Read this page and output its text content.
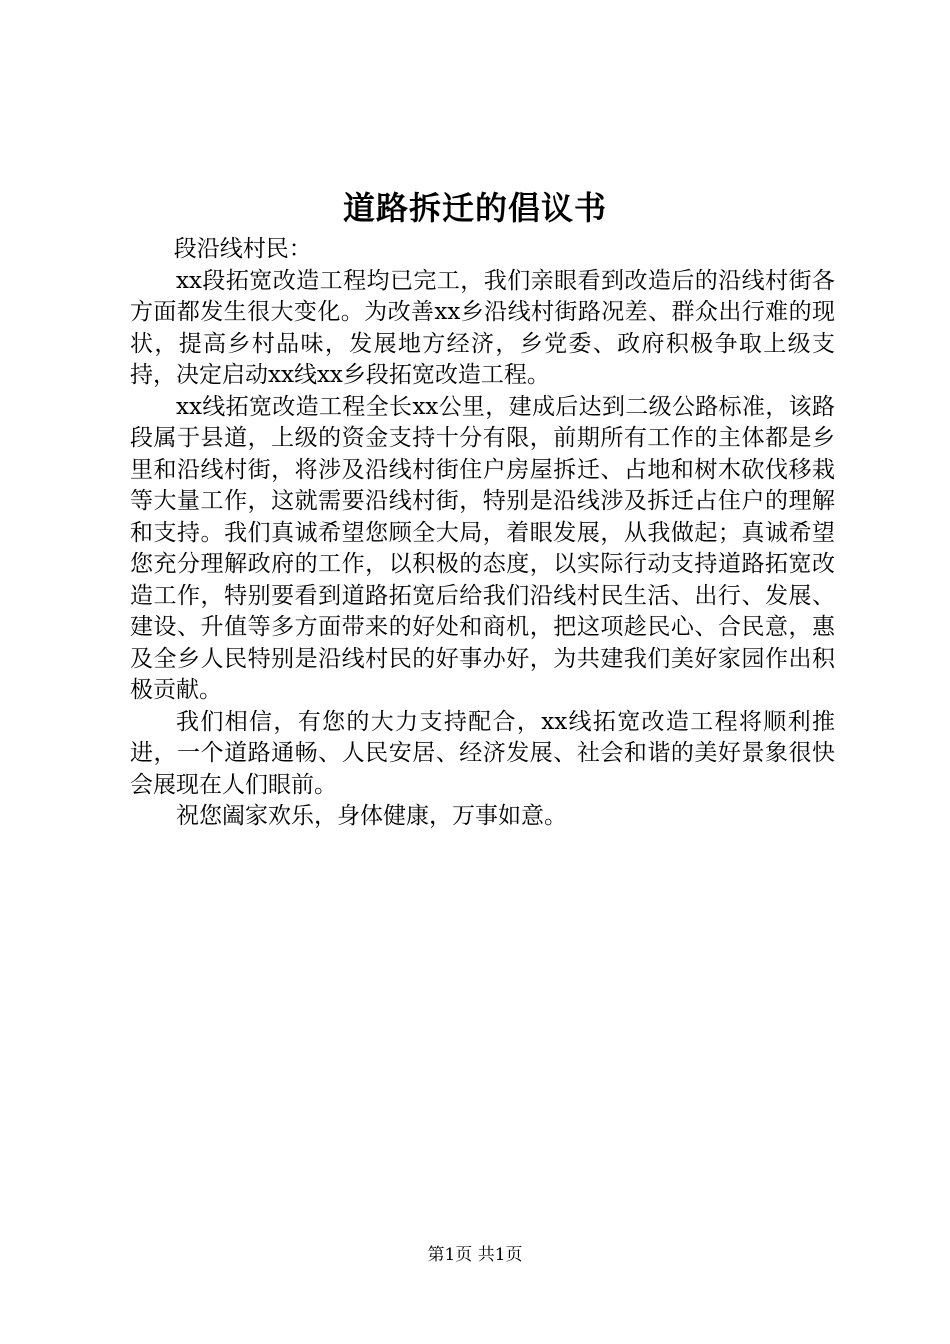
道路拆迁的倡议书

段沿线村民：

xx段拓宽改造工程均已完工，我们亲眼看到改造后的沿线村街各方面都发生很大变化。为改善xx乡沿线村街路况差、群众出行难的现状，提高乡村品味，发展地方经济，乡党委、政府积极争取上级支持，决定启动xx线xx乡段拓宽改造工程。

xx线拓宽改造工程全长xx公里，建成后达到二级公路标准，该路段属于县道，上级的资金支持十分有限，前期所有工作的主体都是乡里和沿线村街，将涉及沿线村街住户房屋拆迁、占地和树木砍伐移栽等大量工作，这就需要沿线村街，特别是沿线涉及拆迁占住户的理解和支持。我们真诚希望您顾全大局，着眼发展，从我做起；真诚希望您充分理解政府的工作，以积极的态度，以实际行动支持道路拓宽改造工作，特别要看到道路拓宽后给我们沿线村民生活、出行、发展、建设、升值等多方面带来的好处和商机，把这项趁民心、合民意，惠及全乡人民特别是沿线村民的好事办好，为共建我们美好家园作出积极贡献。

我们相信，有您的大力支持配合，xx线拓宽改造工程将顺利推进，一个道路通畅、人民安居、经济发展、社会和谐的美好景象很快会展现在人们眼前。

祝您阖家欢乐，身体健康，万事如意。

第1页 共1页
